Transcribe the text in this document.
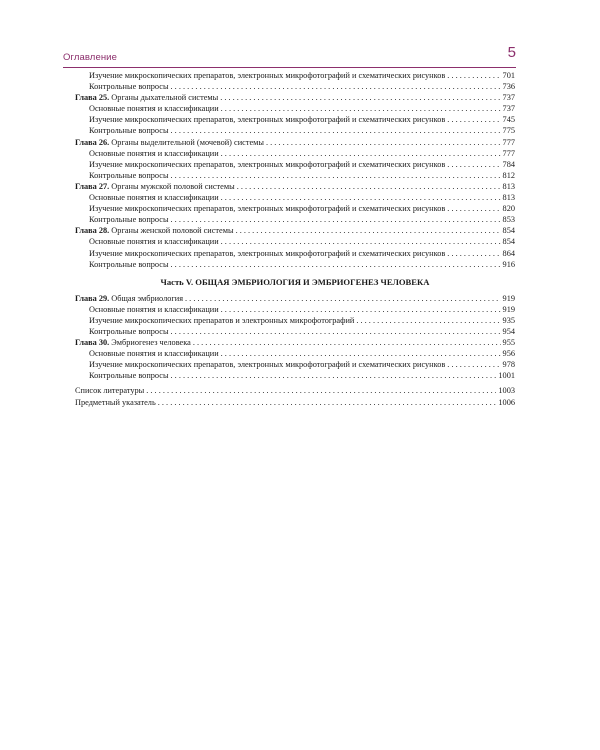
Оглавление	5
Изучение микроскопических препаратов, электронных микрофотографий и схематических рисунков . . .	701
Контрольные вопросы . . .	736
Глава 25. Органы дыхательной системы . . .	737
Основные понятия и классификации . . .	737
Изучение микроскопических препаратов, электронных микрофотографий и схематических рисунков . . .	745
Контрольные вопросы . . .	775
Глава 26. Органы выделительной (мочевой) системы . . .	777
Основные понятия и классификации . . .	777
Изучение микроскопических препаратов, электронных микрофотографий и схематических рисунков . . .	784
Контрольные вопросы . . .	812
Глава 27. Органы мужской половой системы . . .	813
Основные понятия и классификации . . .	813
Изучение микроскопических препаратов, электронных микрофотографий и схематических рисунков . . .	820
Контрольные вопросы . . .	853
Глава 28. Органы женской половой системы . . .	854
Основные понятия и классификации . . .	854
Изучение микроскопических препаратов, электронных микрофотографий и схематических рисунков . . .	864
Контрольные вопросы . . .	916
Часть V. ОБЩАЯ ЭМБРИОЛОГИЯ И ЭМБРИОГЕНЕЗ ЧЕЛОВЕКА
Глава 29. Общая эмбриология . . .	919
Основные понятия и классификации . . .	919
Изучение микроскопических препаратов и электронных микрофотографий . . .	935
Контрольные вопросы . . .	954
Глава 30. Эмбриогенез человека . . .	955
Основные понятия и классификации . . .	956
Изучение микроскопических препаратов, электронных микрофотографий и схематических рисунков . . .	978
Контрольные вопросы . . .	1001
Список литературы . . .	1003
Предметный указатель . . .	1006
